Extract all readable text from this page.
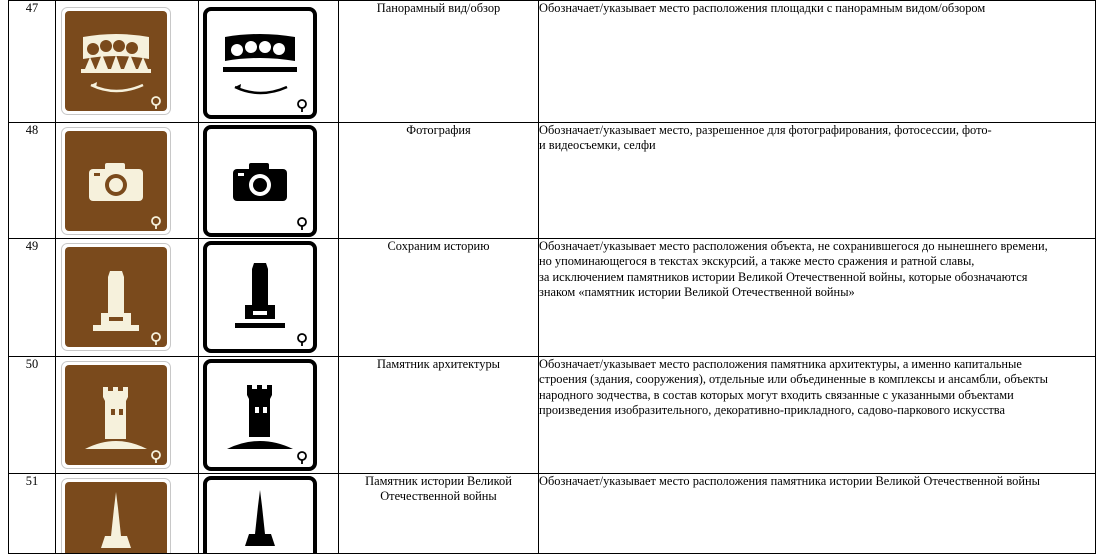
47			Панорамный вид/обзор	Обозначает/указывает место расположения площадки с панорамным видом/обзором

48			Фотография	Обозначает/указывает место, разрешенное для фотографирования, фотосессии, фото-
и видеосъемки, селфи

49			Сохраним историю	Обозначает/указывает место расположения объекта, не сохранившегося до нынешнего времени,
но упоминающегося в текстах экскурсий, а также место сражения и ратной славы,
за исключением памятников истории Великой Отечественной войны, которые обозначаются
знаком «памятник истории Великой Отечественной войны»

50			Памятник архитектуры	Обозначает/указывает место расположения памятника архитектуры, а именно капитальные
строения (здания, сооружения), отдельные или объединенные в комплексы и ансамбли, объекты
народного зодчества, в состав которых могут входить связанные с указанными объектами
произведения изобразительного, декоративно-прикладного, садово-паркового искусства

51			Памятник истории Великой
Отечественной войны	Обозначает/указывает место расположения памятника истории Великой Отечественной войны
